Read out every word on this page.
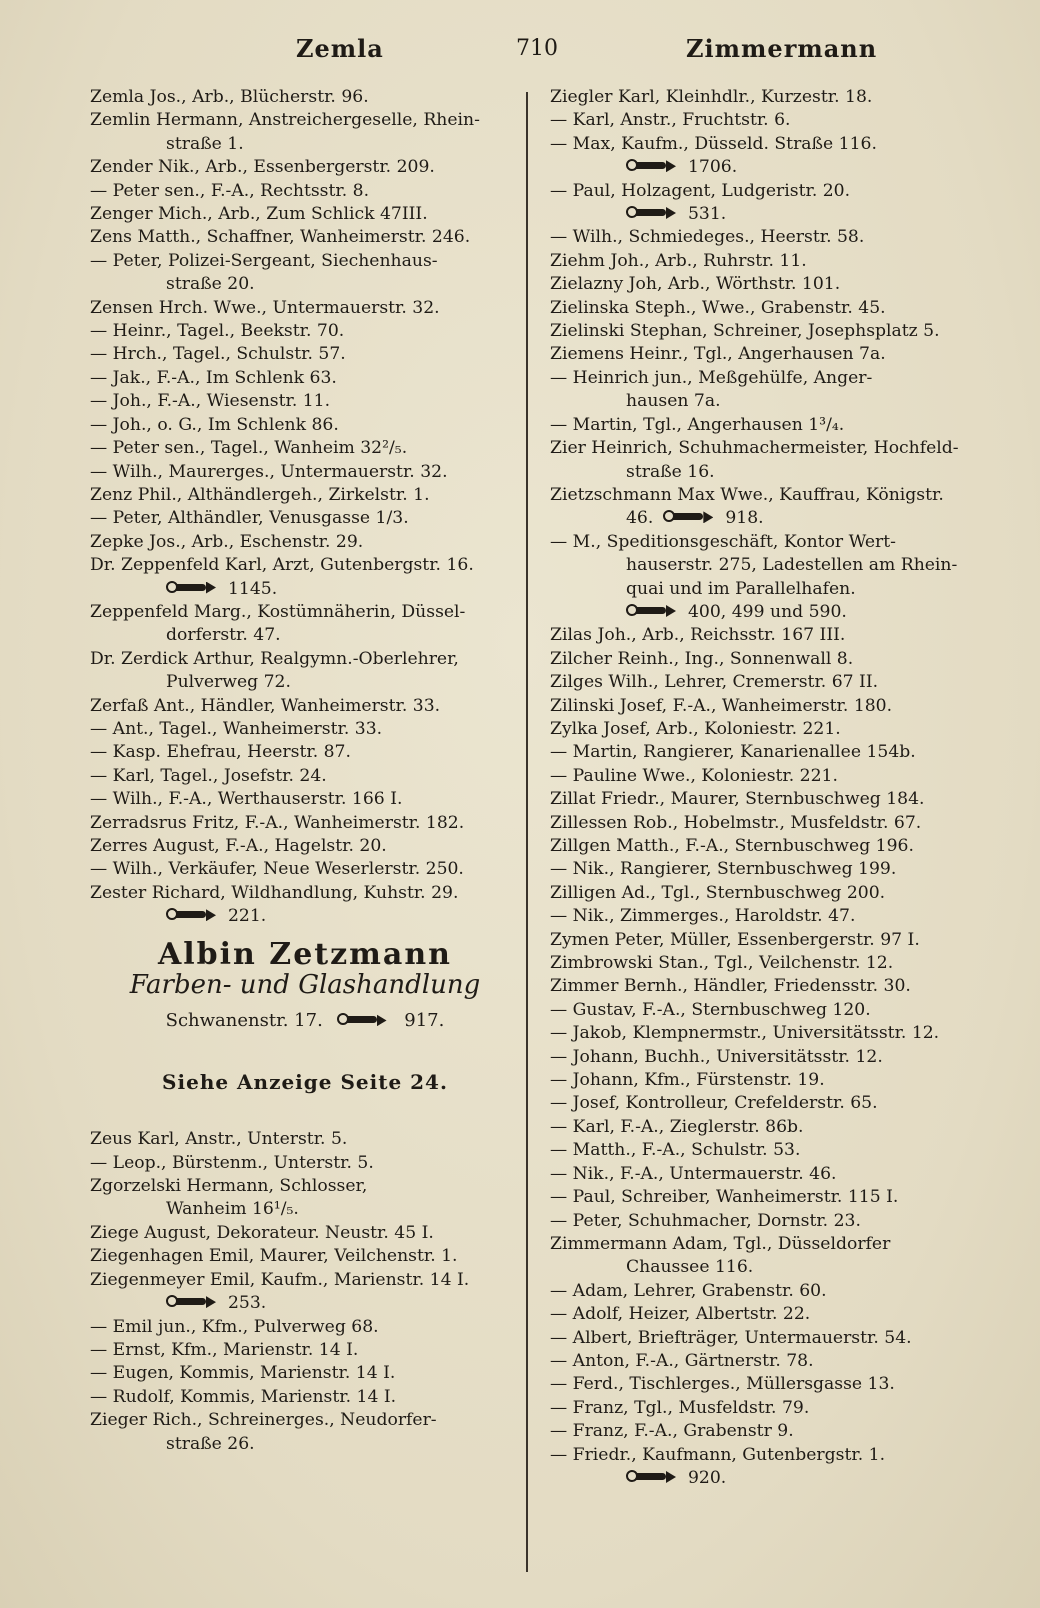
Zemla	710	Zimmermann
Zemla Jos., Arb., Blücherstr. 96.
Zemlin Hermann, Anstreichergeselle, Rhein-
straße 1.
Zender Nik., Arb., Essenbergerstr. 209.
— Peter sen., F.-A., Rechtsstr. 8.
Zenger Mich., Arb., Zum Schlick 47III.
Zens Matth., Schaffner, Wanheimerstr. 246.
— Peter, Polizei-Sergeant, Siechenhaus-
straße 20.
Zensen Hrch. Wwe., Untermauerstr. 32.
— Heinr., Tagel., Beekstr. 70.
— Hrch., Tagel., Schulstr. 57.
— Jak., F.-A., Im Schlenk 63.
— Joh., F.-A., Wiesenstr. 11.
— Joh., o. G., Im Schlenk 86.
— Peter sen., Tagel., Wanheim 32²/₅.
— Wilh., Maurerges., Untermauerstr. 32.
Zenz Phil., Althändlergeh., Zirkelstr. 1.
— Peter, Althändler, Venusgasse 1/3.
Zepke Jos., Arb., Eschenstr. 29.
Dr. Zeppenfeld Karl, Arzt, Gutenbergstr. 16.
1145.
Zeppenfeld Marg., Kostümnäherin, Düssel-
dorferstr. 47.
Dr. Zerdick Arthur, Realgymn.-Oberlehrer,
Pulverweg 72.
Zerfaß Ant., Händler, Wanheimerstr. 33.
— Ant., Tagel., Wanheimerstr. 33.
— Kasp. Ehefrau, Heerstr. 87.
— Karl, Tagel., Josefstr. 24.
— Wilh., F.-A., Werthauserstr. 166 I.
Zerradsrus Fritz, F.-A., Wanheimerstr. 182.
Zerres August, F.-A., Hagelstr. 20.
— Wilh., Verkäufer, Neue Weserlerstr. 250.
Zester Richard, Wildhandlung, Kuhstr. 29.
221.
Albin Zetzmann
Farben- und Glashandlung
Schwanenstr. 17.	917.
Siehe Anzeige Seite 24.
Zeus Karl, Anstr., Unterstr. 5.
— Leop., Bürstenm., Unterstr. 5.
Zgorzelski Hermann, Schlosser,
Wanheim 16¹/₅.
Ziege August, Dekorateur. Neustr. 45 I.
Ziegenhagen Emil, Maurer, Veilchenstr. 1.
Ziegenmeyer Emil, Kaufm., Marienstr. 14 I.
253.
— Emil jun., Kfm., Pulverweg 68.
— Ernst, Kfm., Marienstr. 14 I.
— Eugen, Kommis, Marienstr. 14 I.
— Rudolf, Kommis, Marienstr. 14 I.
Zieger Rich., Schreinerges., Neudorfer-
straße 26.
Ziegler Karl, Kleinhdlr., Kurzestr. 18.
— Karl, Anstr., Fruchtstr. 6.
— Max, Kaufm., Düsseld. Straße 116.
1706.
— Paul, Holzagent, Ludgeristr. 20.
531.
— Wilh., Schmiedeges., Heerstr. 58.
Ziehm Joh., Arb., Ruhrstr. 11.
Zielazny Joh, Arb., Wörthstr. 101.
Zielinska Steph., Wwe., Grabenstr. 45.
Zielinski Stephan, Schreiner, Josephsplatz 5.
Ziemens Heinr., Tgl., Angerhausen 7a.
— Heinrich jun., Meßgehülfe, Anger-
hausen 7a.
— Martin, Tgl., Angerhausen 1³/₄.
Zier Heinrich, Schuhmachermeister, Hochfeld-
straße 16.
Zietzschmann Max Wwe., Kauffrau, Königstr.
46.	918.
— M., Speditionsgeschäft, Kontor Wert-
hauserstr. 275, Ladestellen am Rhein-
quai und im Parallelhafen.
400, 499 und 590.
Zilas Joh., Arb., Reichsstr. 167 III.
Zilcher Reinh., Ing., Sonnenwall 8.
Zilges Wilh., Lehrer, Cremerstr. 67 II.
Zilinski Josef, F.-A., Wanheimerstr. 180.
Zylka Josef, Arb., Koloniestr. 221.
— Martin, Rangierer, Kanarienallee 154b.
— Pauline Wwe., Koloniestr. 221.
Zillat Friedr., Maurer, Sternbuschweg 184.
Zillessen Rob., Hobelmstr., Musfeldstr. 67.
Zillgen Matth., F.-A., Sternbuschweg 196.
— Nik., Rangierer, Sternbuschweg 199.
Zilligen Ad., Tgl., Sternbuschweg 200.
— Nik., Zimmerges., Haroldstr. 47.
Zymen Peter, Müller, Essenbergerstr. 97 I.
Zimbrowski Stan., Tgl., Veilchenstr. 12.
Zimmer Bernh., Händler, Friedensstr. 30.
— Gustav, F.-A., Sternbuschweg 120.
— Jakob, Klempnermstr., Universitätsstr. 12.
— Johann, Buchh., Universitätsstr. 12.
— Johann, Kfm., Fürstenstr. 19.
— Josef, Kontrolleur, Crefelderstr. 65.
— Karl, F.-A., Zieglerstr. 86b.
— Matth., F.-A., Schulstr. 53.
— Nik., F.-A., Untermauerstr. 46.
— Paul, Schreiber, Wanheimerstr. 115 I.
— Peter, Schuhmacher, Dornstr. 23.
Zimmermann Adam, Tgl., Düsseldorfer
Chaussee 116.
— Adam, Lehrer, Grabenstr. 60.
— Adolf, Heizer, Albertstr. 22.
— Albert, Briefträger, Untermauerstr. 54.
— Anton, F.-A., Gärtnerstr. 78.
— Ferd., Tischlerges., Müllersgasse 13.
— Franz, Tgl., Musfeldstr. 79.
— Franz, F.-A., Grabenstr 9.
— Friedr., Kaufmann, Gutenbergstr. 1.
920.
